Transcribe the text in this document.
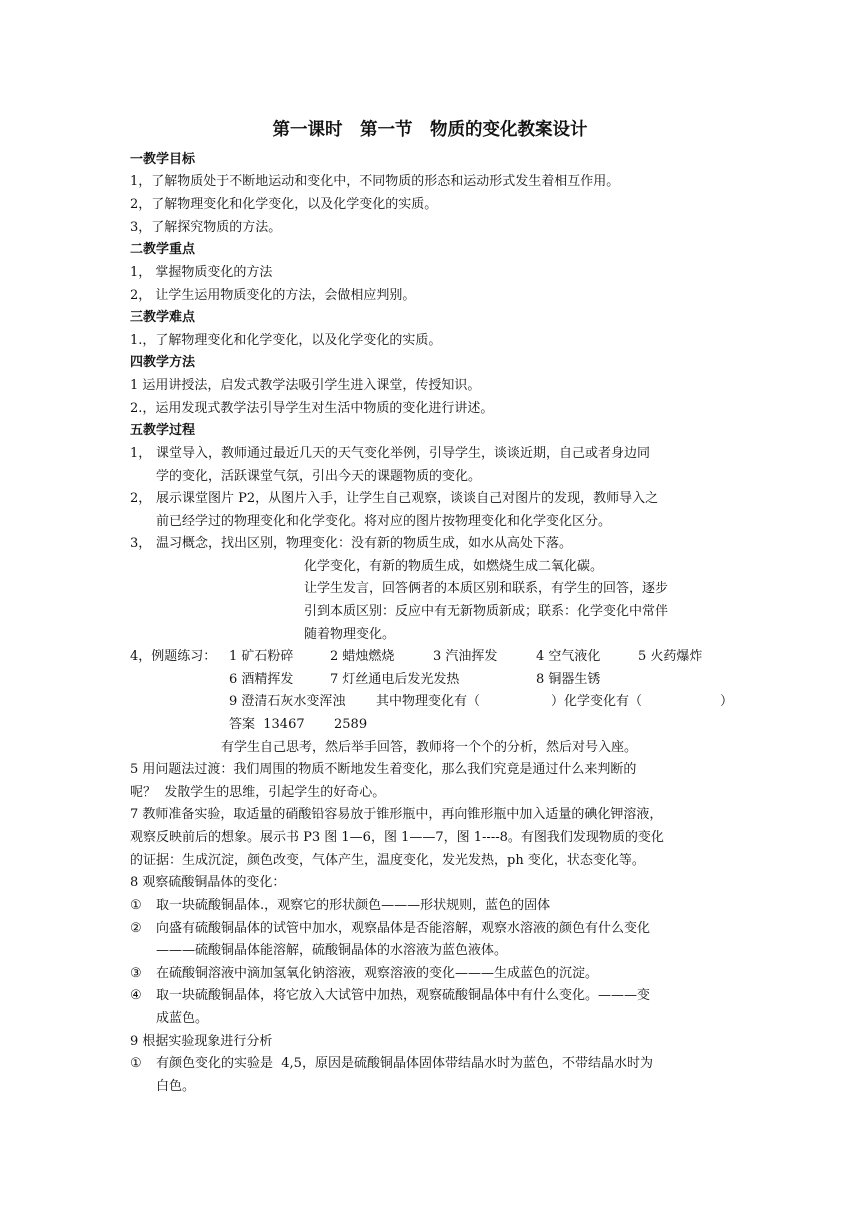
第一课时　第一节　物质的变化教案设计
一教学目标
1，了解物质处于不断地运动和变化中，不同物质的形态和运动形式发生着相互作用。
2，了解物理变化和化学变化，以及化学变化的实质。
3，了解探究物质的方法。
二教学重点
1， 掌握物质变化的方法
2， 让学生运用物质变化的方法，会做相应判别。
三教学难点
1.，了解物理变化和化学变化，以及化学变化的实质。
四教学方法
1 运用讲授法，启发式教学法吸引学生进入课堂，传授知识。
2.，运用发现式教学法引导学生对生活中物质的变化进行讲述。
五教学过程
1， 课堂导入，教师通过最近几天的天气变化举例，引导学生，谈谈近期，自己或者身边同
学的变化，活跃课堂气氛，引出今天的课题物质的变化。
2， 展示课堂图片 P2，从图片入手，让学生自己观察，谈谈自己对图片的发现，教师导入之
前已经学过的物理变化和化学变化。将对应的图片按物理变化和化学变化区分。
3， 温习概念，找出区别，物理变化：没有新的物质生成，如水从高处下落。
化学变化，有新的物质生成，如燃烧生成二氧化碳。
让学生发言，回答俩者的本质区别和联系，有学生的回答，逐步
引到本质区别：反应中有无新物质新成；联系：化学变化中常伴
随着物理变化。
4，例题练习： 1 矿石粉碎	2 蜡烛燃烧	3 汽油挥发	4 空气液化	5 火药爆炸
6 酒精挥发	7 灯丝通电后发光发热	8 铜器生锈
9 澄清石灰水变浑浊 其中物理变化有（	）化学变化有（	）
答案  13467 2589
有学生自己思考，然后举手回答，教师将一个个的分析，然后对号入座。
5 用问题法过渡：我们周围的物质不断地发生着变化，那么我们究竟是通过什么来判断的
呢？  发散学生的思维，引起学生的好奇心。
7 教师准备实验，取适量的硝酸铅容易放于锥形瓶中，再向锥形瓶中加入适量的碘化钾溶液，
观察反映前后的想象。展示书 P3 图 1—6，图 1——7，图 1----8。有图我们发现物质的变化
的证据：生成沉淀，颜色改变，气体产生，温度变化，发光发热，ph 变化，状态变化等。
8 观察硫酸铜晶体的变化：
① 取一块硫酸铜晶体.，观察它的形状颜色———形状规则，蓝色的固体
② 向盛有硫酸铜晶体的试管中加水，观察晶体是否能溶解，观察水溶液的颜色有什么变化
———硫酸铜晶体能溶解，硫酸铜晶体的水溶液为蓝色液体。
③ 在硫酸铜溶液中滴加氢氧化钠溶液，观察溶液的变化———生成蓝色的沉淀。
④ 取一块硫酸铜晶体，将它放入大试管中加热，观察硫酸铜晶体中有什么变化。———变
成蓝色。
9 根据实验现象进行分析
① 有颜色变化的实验是  4,5，原因是硫酸铜晶体固体带结晶水时为蓝色，不带结晶水时为
白色。
